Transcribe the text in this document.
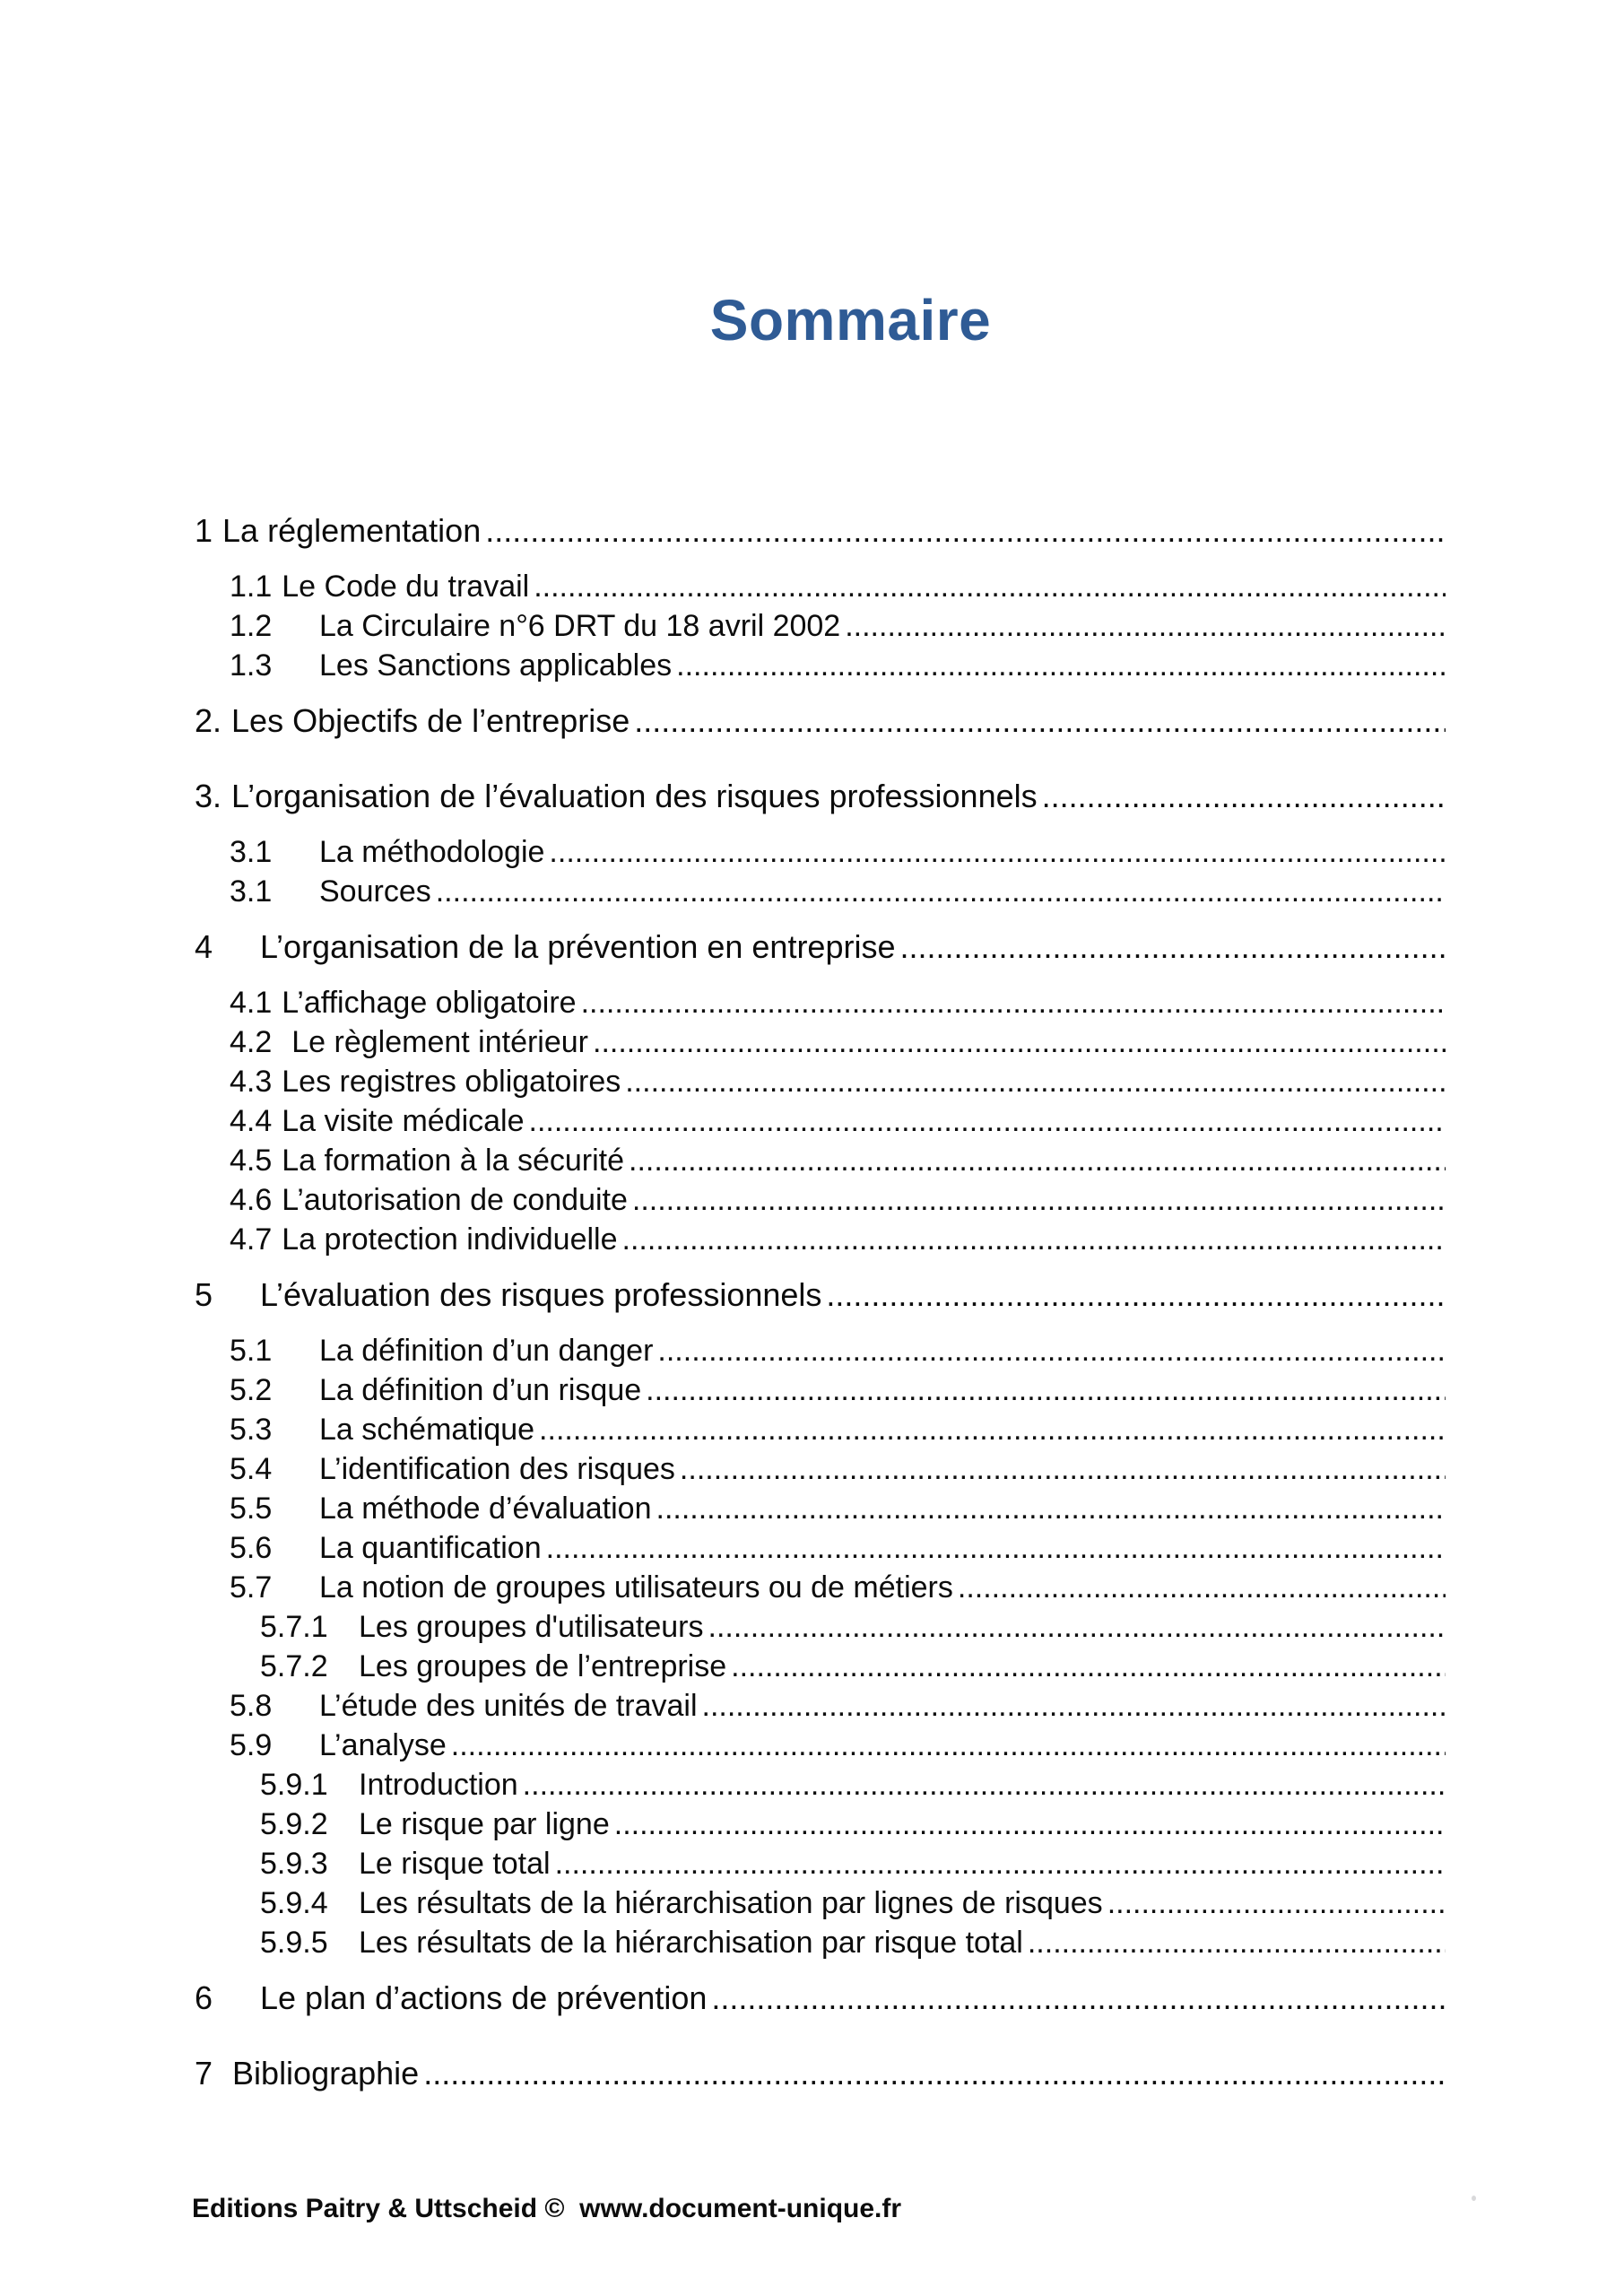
Sommaire
1 La réglementation
.....
1.1 Le Code du travail
.....
1.2	La Circulaire n°6 DRT du 18 avril 2002
.....
1.3	Les Sanctions applicables
.....
2. Les Objectifs de l’entreprise
.....
3. L’organisation de l’évaluation des risques professionnels
.....
3.1	La méthodologie
.....
3.1	Sources
.....
4	L’organisation de la prévention en entreprise
.....
4.1 L’affichage obligatoire
.....
4.2 Le règlement intérieur
.....
4.3 Les registres obligatoires
.....
4.4 La visite médicale
.....
4.5 La formation à la sécurité
.....
4.6 L’autorisation de conduite
.....
4.7 La protection individuelle
.....
5	L’évaluation des risques professionnels
.....
5.1	La définition d’un danger
.....
5.2	La définition d’un risque
.....
5.3	La schématique
.....
5.4	L’identification des risques
.....
5.5	La méthode d’évaluation
.....
5.6	La quantification
.....
5.7	La notion de groupes utilisateurs ou de métiers
.....
5.7.1	Les groupes d'utilisateurs
.....
5.7.2	Les groupes de l’entreprise
.....
5.8	L’étude des unités de travail
.....
5.9	L’analyse
.....
5.9.1	Introduction
.....
5.9.2	Le risque par ligne
.....
5.9.3	Le risque total
.....
5.9.4	Les résultats de la hiérarchisation par lignes de risques
.....
5.9.5	Les résultats de la hiérarchisation par risque total
.....
6	Le plan d’actions de prévention
.....
7 Bibliographie
.....
Editions Paitry & Uttscheid ©  www.document-unique.fr
